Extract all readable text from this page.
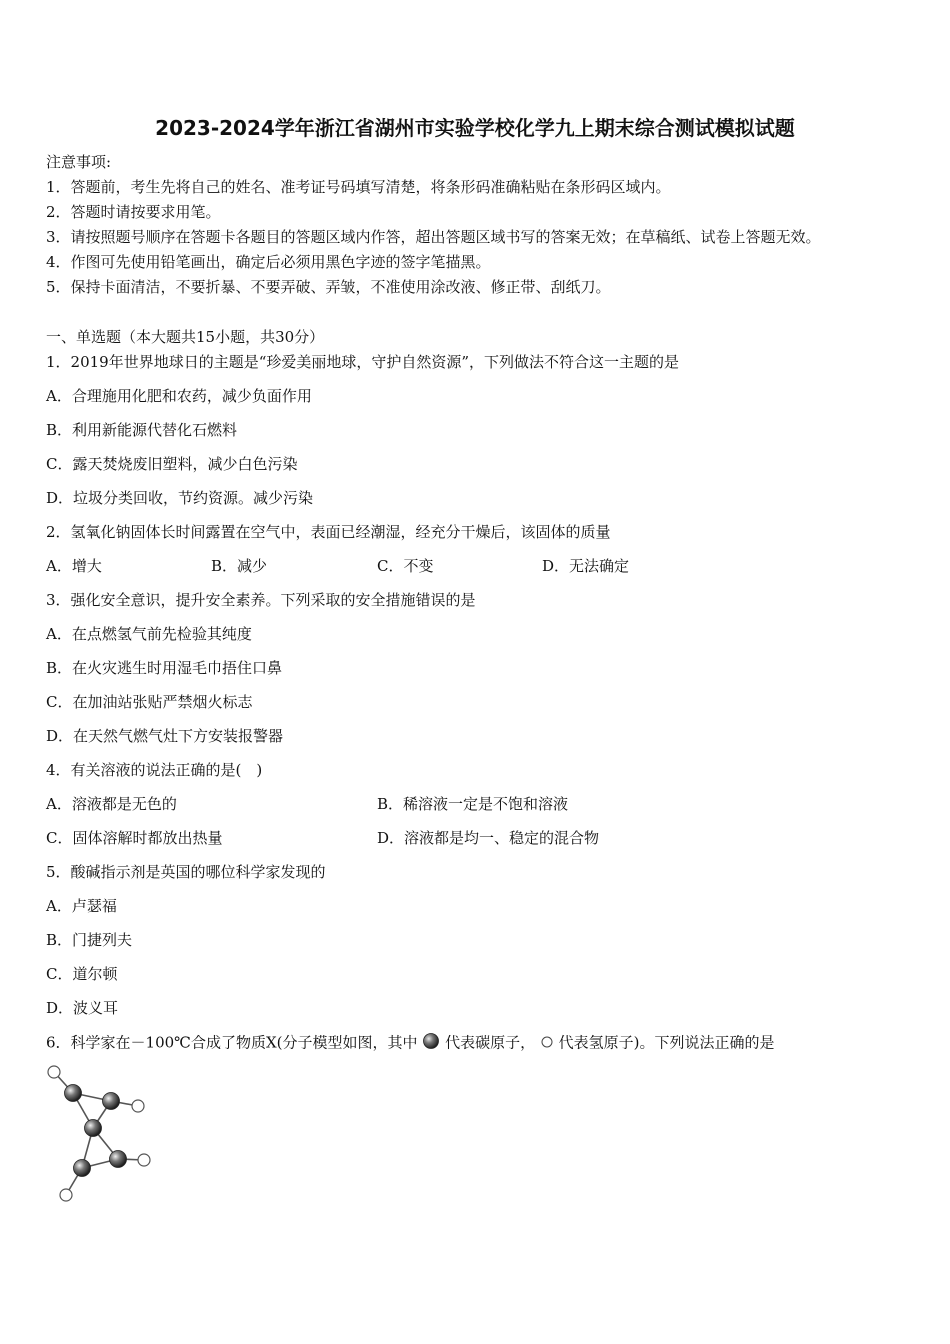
2023-2024学年浙江省湖州市实验学校化学九上期末综合测试模拟试题
注意事项:
1．答题前，考生先将自己的姓名、准考证号码填写清楚，将条形码准确粘贴在条形码区域内。
2．答题时请按要求用笔。
3．请按照题号顺序在答题卡各题目的答题区域内作答，超出答题区域书写的答案无效；在草稿纸、试卷上答题无效。
4．作图可先使用铅笔画出，确定后必须用黑色字迹的签字笔描黑。
5．保持卡面清洁，不要折暴、不要弄破、弄皱，不准使用涂改液、修正带、刮纸刀。
一、单选题（本大题共15小题，共30分）
1．2019年世界地球日的主题是“珍爱美丽地球，守护自然资源”，下列做法不符合这一主题的是
A．合理施用化肥和农药，减少负面作用
B．利用新能源代替化石燃料
C．露天焚烧废旧塑料，减少白色污染
D．垃圾分类回收，节约资源。减少污染
2．氢氧化钠固体长时间露置在空气中，表面已经潮湿，经充分干燥后，该固体的质量
A．增大	B．减少	C．不变	D．无法确定
3．强化安全意识，提升安全素养。下列采取的安全措施错误的是
A．在点燃氢气前先检验其纯度
B．在火灾逃生时用湿毛巾捂住口鼻
C．在加油站张贴严禁烟火标志
D．在天然气燃气灶下方安装报警器
4．有关溶液的说法正确的是(　)
A．溶液都是无色的	B．稀溶液一定是不饱和溶液
C．固体溶解时都放出热量	D．溶液都是均一、稳定的混合物
5．酸碱指示剂是英国的哪位科学家发现的
A．卢瑟福
B．门捷列夫
C．道尔顿
D．波义耳
6．科学家在－100℃合成了物质X(分子模型如图，其中 代表碳原子， 代表氢原子)。下列说法正确的是
